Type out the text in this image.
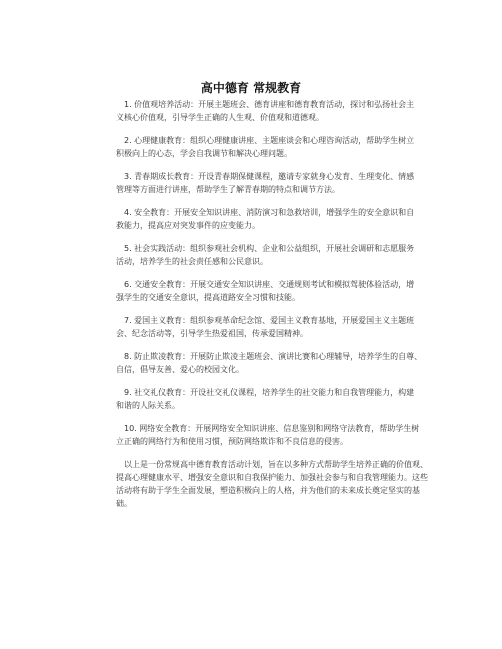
高中德育 常规教育
1. 价值观培养活动：开展主题班会、德育讲座和德育教育活动，探讨和弘扬社会主
义核心价值观，引导学生正确的人生观、价值观和道德观。
2. 心理健康教育：组织心理健康讲座、主题座谈会和心理咨询活动，帮助学生树立
积极向上的心态，学会自我调节和解决心理问题。
3. 青春期成长教育：开设青春期保健课程，邀请专家就身心发育、生理变化、情感
管理等方面进行讲座，帮助学生了解青春期的特点和调节方法。
4. 安全教育：开展安全知识讲座、消防演习和急救培训，增强学生的安全意识和自
救能力，提高应对突发事件的应变能力。
5. 社会实践活动：组织参观社会机构、企业和公益组织，开展社会调研和志愿服务
活动，培养学生的社会责任感和公民意识。
6. 交通安全教育：开展交通安全知识讲座、交通规则考试和模拟驾驶体验活动，增
强学生的交通安全意识，提高道路安全习惯和技能。
7. 爱国主义教育：组织参观革命纪念馆、爱国主义教育基地，开展爱国主义主题班
会、纪念活动等，引导学生热爱祖国，传承爱国精神。
8. 防止欺凌教育：开展防止欺凌主题班会、演讲比赛和心理辅导，培养学生的自尊、
自信，倡导友善、爱心的校园文化。
9. 社交礼仪教育：开设社交礼仪课程，培养学生的社交能力和自我管理能力，构建
和谐的人际关系。
10. 网络安全教育：开展网络安全知识讲座、信息鉴别和网络守法教育，帮助学生树
立正确的网络行为和使用习惯，预防网络欺诈和不良信息的侵害。
以上是一份常规高中德育教育活动计划，旨在以多种方式帮助学生培养正确的价值观、
提高心理健康水平、增强安全意识和自我保护能力、加强社会参与和自我管理能力。这些
活动将有助于学生全面发展，塑造积极向上的人格，并为他们的未来成长奠定坚实的基
础。
